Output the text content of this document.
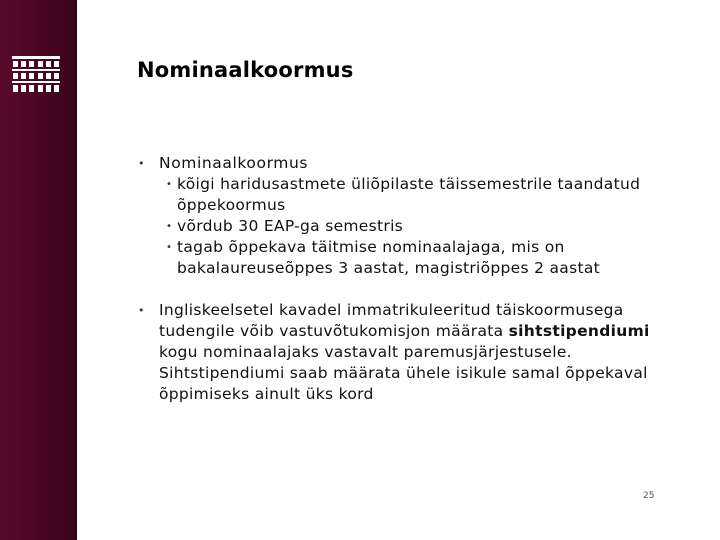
Nominaalkoormus
• Nominaalkoormus
• kõigi haridusastmete üliõpilaste täissemestrile taandatud õppekoormus
• võrdub 30 EAP-ga semestris
• tagab õppekava täitmise nominaalajaga, mis on bakalaureuseõppes 3 aastat, magistriõppes 2 aastat
• Ingliskeelsetel kavadel immatrikuleeritud täiskoormusega tudengile võib vastuvõtukomisjon määrata sihtstipendiumi kogu nominaalajaks vastavalt paremusjärjestusele. Sihtstipendiumi saab määrata ühele isikule samal õppekaval õppimiseks ainult üks kord
25
